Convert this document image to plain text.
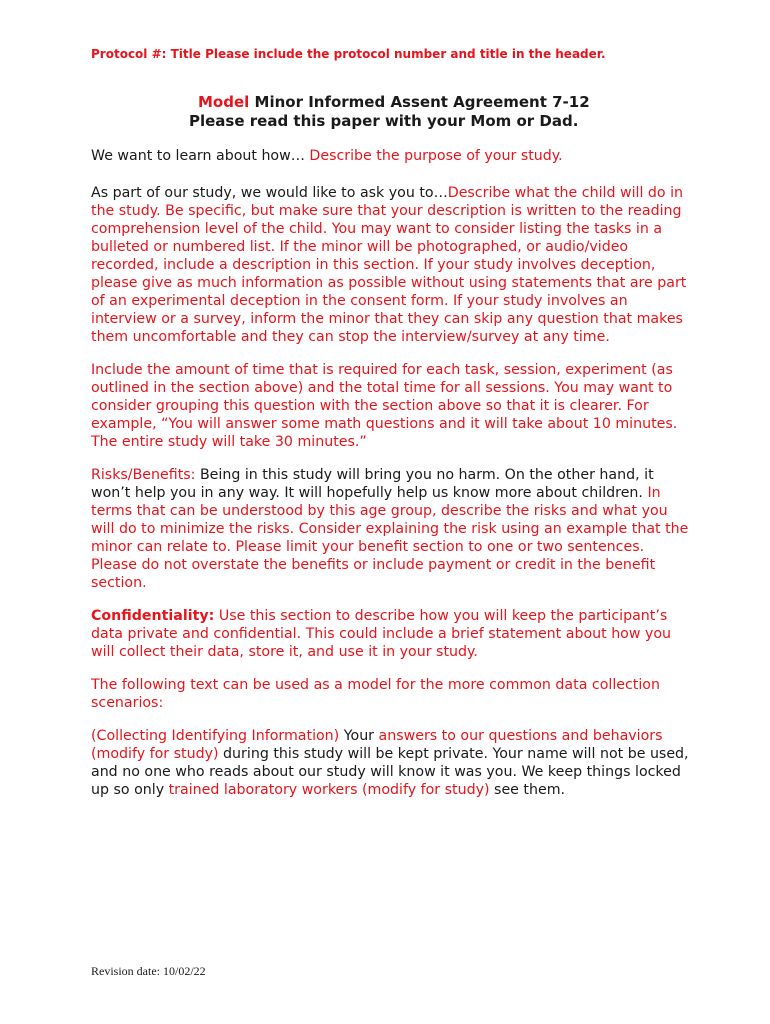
Protocol #: Title Please include the protocol number and title in the header.
Model Minor Informed Assent Agreement 7-12
Please read this paper with your Mom or Dad.

We want to learn about how… Describe the purpose of your study.

As part of our study, we would like to ask you to…Describe what the child will do in the study. Be specific, but make sure that your description is written to the reading comprehension level of the child. You may want to consider listing the tasks in a bulleted or numbered list. If the minor will be photographed, or audio/video recorded, include a description in this section. If your study involves deception, please give as much information as possible without using statements that are part of an experimental deception in the consent form. If your study involves an interview or a survey, inform the minor that they can skip any question that makes them uncomfortable and they can stop the interview/survey at any time.

Include the amount of time that is required for each task, session, experiment (as outlined in the section above) and the total time for all sessions. You may want to consider grouping this question with the section above so that it is clearer. For example, “You will answer some math questions and it will take about 10 minutes. The entire study will take 30 minutes.”

Risks/Benefits: Being in this study will bring you no harm. On the other hand, it won’t help you in any way. It will hopefully help us know more about children. In terms that can be understood by this age group, describe the risks and what you will do to minimize the risks. Consider explaining the risk using an example that the minor can relate to. Please limit your benefit section to one or two sentences. Please do not overstate the benefits or include payment or credit in the benefit section.

Confidentiality: Use this section to describe how you will keep the participant’s data private and confidential. This could include a brief statement about how you will collect their data, store it, and use it in your study.

The following text can be used as a model for the more common data collection scenarios:

(Collecting Identifying Information) Your answers to our questions and behaviors (modify for study) during this study will be kept private. Your name will not be used, and no one who reads about our study will know it was you. We keep things locked up so only trained laboratory workers (modify for study) see them.

Revision date: 10/02/22
